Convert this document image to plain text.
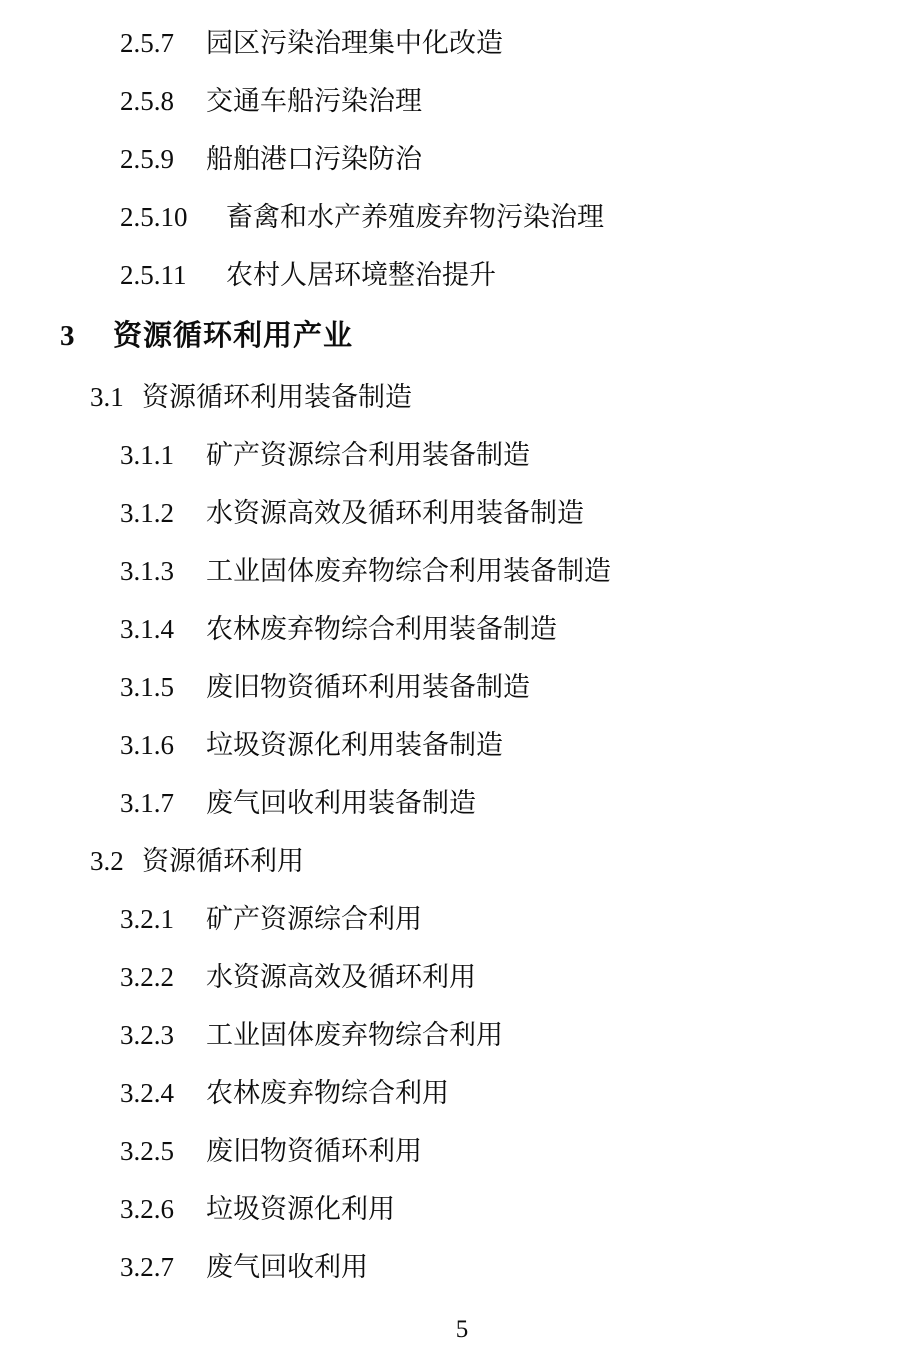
2.5.7	园区污染治理集中化改造
2.5.8	交通车船污染治理
2.5.9	船舶港口污染防治
2.5.10	畜禽和水产养殖废弃物污染治理
2.5.11	农村人居环境整治提升
3	资源循环利用产业
3.1 资源循环利用装备制造
3.1.1	矿产资源综合利用装备制造
3.1.2	水资源高效及循环利用装备制造
3.1.3	工业固体废弃物综合利用装备制造
3.1.4	农林废弃物综合利用装备制造
3.1.5	废旧物资循环利用装备制造
3.1.6	垃圾资源化利用装备制造
3.1.7	废气回收利用装备制造
3.2 资源循环利用
3.2.1	矿产资源综合利用
3.2.2	水资源高效及循环利用
3.2.3	工业固体废弃物综合利用
3.2.4	农林废弃物综合利用
3.2.5	废旧物资循环利用
3.2.6	垃圾资源化利用
3.2.7	废气回收利用
5
